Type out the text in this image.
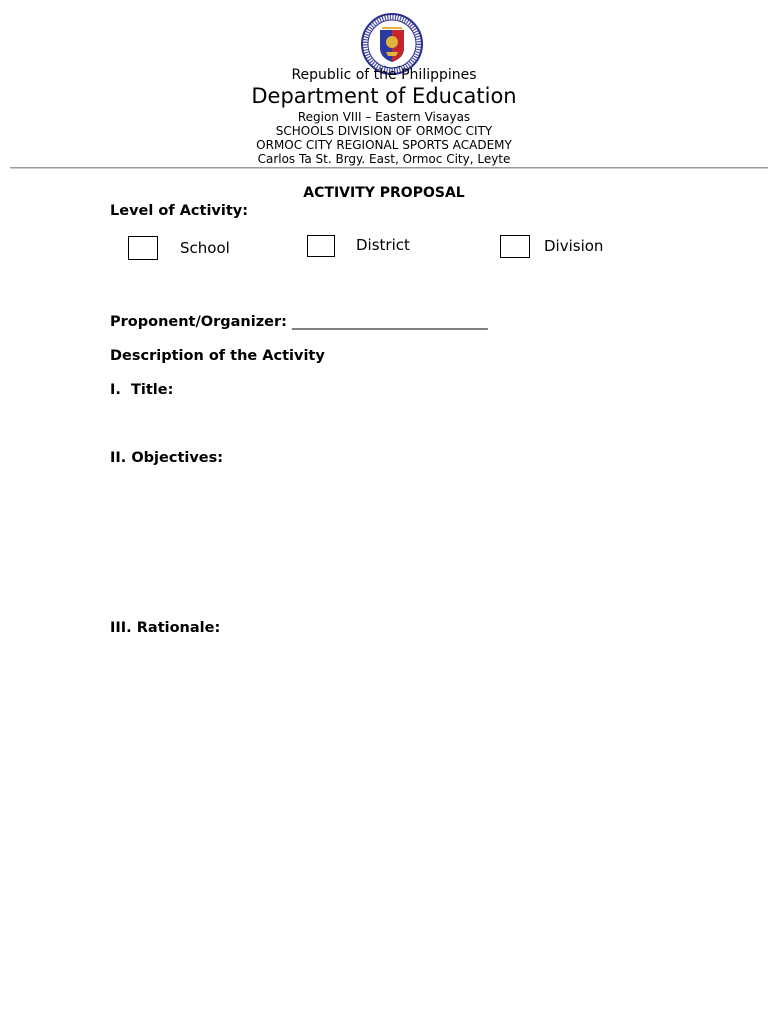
Republic of the Philippines
Department of Education
Region VIII – Eastern Visayas
SCHOOLS DIVISION OF ORMOC CITY
ORMOC CITY REGIONAL SPORTS ACADEMY
Carlos Ta St. Brgy. East, Ormoc City, Leyte
ACTIVITY PROPOSAL
Level of Activity:
School	District	Division
Proponent/Organizer: ___________________________
Description of the Activity
I.  Title:
II. Objectives:
III. Rationale:
